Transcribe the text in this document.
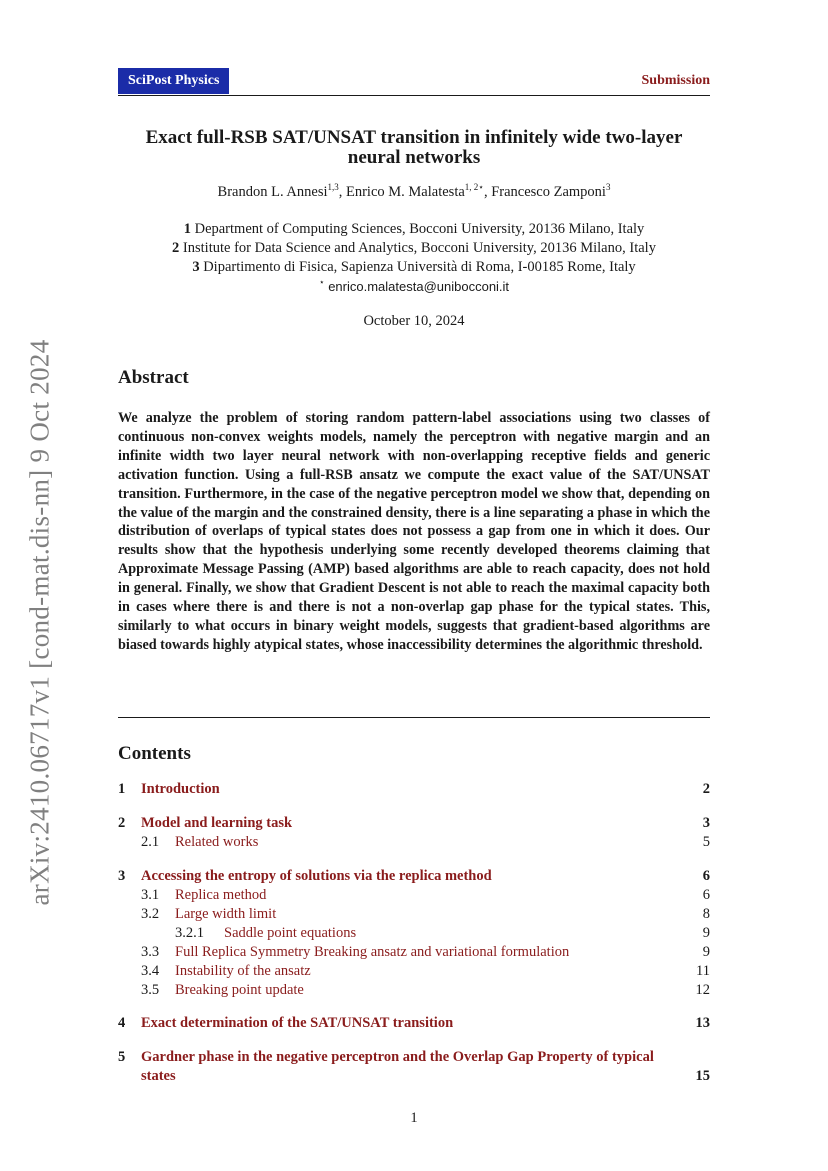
SciPost Physics	Submission
arXiv:2410.06717v1 [cond-mat.dis-nn] 9 Oct 2024
Exact full-RSB SAT/UNSAT transition in infinitely wide two-layer neural networks
Brandon L. Annesi$^{1,3}$, Enrico M. Malatesta$^{1, 2⋆}$, Francesco Zamponi$^3$
1 Department of Computing Sciences, Bocconi University, 20136 Milano, Italy
2 Institute for Data Science and Analytics, Bocconi University, 20136 Milano, Italy
3 Dipartimento di Fisica, Sapienza Università di Roma, I-00185 Rome, Italy
⋆ enrico.malatesta@unibocconi.it
October 10, 2024
Abstract
We analyze the problem of storing random pattern-label associations using two classes of continuous non-convex weights models, namely the perceptron with negative margin and an infinite width two layer neural network with non-overlapping receptive fields and generic activation function. Using a full-RSB ansatz we compute the exact value of the SAT/UNSAT transition. Furthermore, in the case of the negative perceptron model we show that, depending on the value of the margin and the constrained density, there is a line separating a phase in which the distribution of overlaps of typical states does not possess a gap from one in which it does. Our results show that the hypothesis underlying some recently developed theorems claiming that Approximate Message Passing (AMP) based algorithms are able to reach capacity, does not hold in general. Finally, we show that Gradient Descent is not able to reach the maximal capacity both in cases where there is and there is not a non-overlap gap phase for the typical states. This, similarly to what occurs in binary weight models, suggests that gradient-based algorithms are biased towards highly atypical states, whose inaccessibility determines the algorithmic threshold.
Contents
1 Introduction	2
2 Model and learning task	3
2.1 Related works	5
3 Accessing the entropy of solutions via the replica method	6
3.1 Replica method	6
3.2 Large width limit	8
3.2.1 Saddle point equations	9
3.3 Full Replica Symmetry Breaking ansatz and variational formulation	9
3.4 Instability of the ansatz	11
3.5 Breaking point update	12
4 Exact determination of the SAT/UNSAT transition	13
5 Gardner phase in the negative perceptron and the Overlap Gap Property of typical states	15
1
